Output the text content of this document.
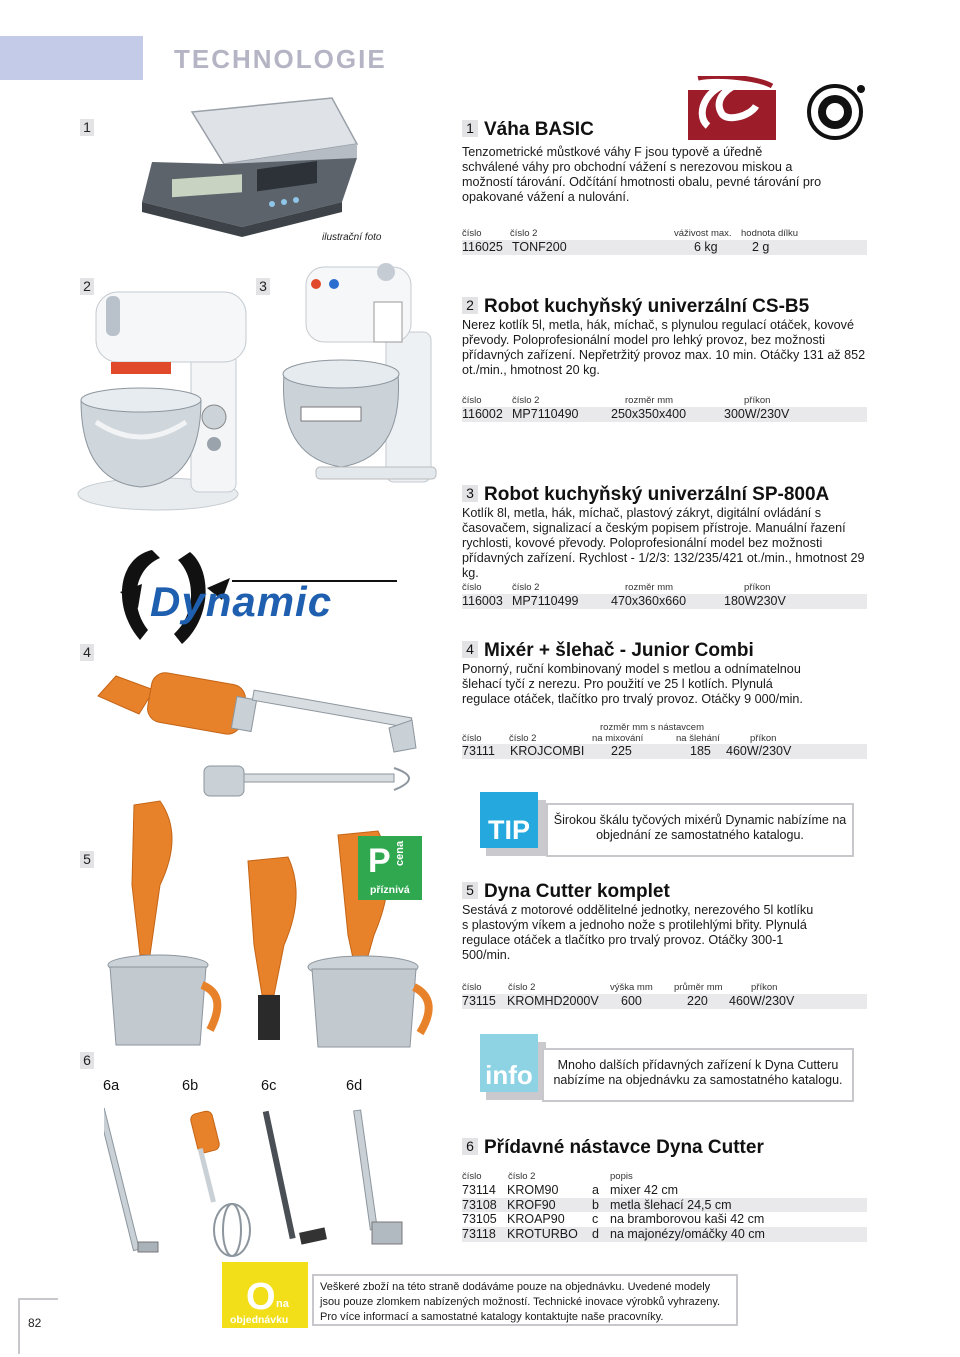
TECHNOLOGIE
1
ilustrační foto
1 Váha BASIC
Tenzometrické můstkové váhy F jsou typově a úředně schválené váhy pro obchodní vážení s nerezovou miskou a možností tárování. Odčítání hmotnosti obalu, pevné tárování pro opakované vážení a nulování.
číslo	číslo 2	váživost max. hodnota dílku
116025 TONF200	6 kg	2 g
2	3
2 Robot kuchyňský univerzální CS-B5
Nerez kotlík 5l, metla, hák, míchač, s plynulou regulací otáček, kovové převody. Poloprofesionální model pro lehký provoz, bez možnosti přídavných zařízení. Nepřetržitý provoz max. 10 min. Otáčky 131 až 852 ot./min., hmotnost 20 kg.
číslo	číslo 2	rozměr mm	příkon
116002 MP7110490	250x350x400	300W/230V
3 Robot kuchyňský univerzální SP-800A
Kotlík 8l, metla, hák, míchač, plastový zákryt, digitální ovládání s časovačem, signalizací a českým popisem přístroje. Manuální řazení rychlosti, kovové převody. Poloprofesionální model bez možnosti přídavných zařízení. Rychlost - 1/2/3: 132/235/421 ot./min., hmotnost 29 kg.
číslo	číslo 2	rozměr mm	příkon
116003 MP7110499	470x360x660	180W230V
Dynamic
4	4 Mixér + šlehač - Junior Combi
Ponorný, ruční kombinovaný model s metlou a odnímatelnou šlehací tyčí z nerezu. Pro použití ve 25 l kotlích. Plynulá regulace otáček, tlačítko pro trvalý provoz. Otáčky 9 000/min.
rozměr mm s nástavcem
číslo	číslo 2	na mixování	na šlehání	příkon
73111 KROJCOMBI 225	185 460W/230V
TIP	Širokou škálu tyčových mixérů Dynamic nabízíme na objednání ze samostatného katalogu.
5	P cena
příznivá	5 Dyna Cutter komplet
Sestává z motorové oddělitelné jednotky, nerezového 5l kotlíku s plastovým víkem a jednoho nože s protilehlými břity. Plynulá regulace otáček a tlačítko pro trvalý provoz. Otáčky 300-1 500/min.
číslo	číslo 2	výška mm průměr mm	příkon
73115 KROMHD2000V 600	220 460W/230V
info	Mnoho dalších přídavných zařízení k Dyna Cutteru nabízíme na objednávku za samostatného katalogu.
6
6a	6b	6c	6d
6 Přídavné nástavce Dyna Cutter
číslo	číslo 2	popis
73114 KROM90	a mixer 42 cm
73108 KROF90	b metla šlehací 24,5 cm
73105 KROAP90 c na bramborovou kaši 42 cm
73118 KROTURBO d na majonézy/omáčky 40 cm
82
O na
objednávku
Veškeré zboží na této straně dodáváme pouze na objednávku. Uvedené modely jsou pouze zlomkem nabízených možností. Technické inovace výrobků vyhrazeny. Pro více informací a samostatné katalogy kontaktujte naše pracovníky.
